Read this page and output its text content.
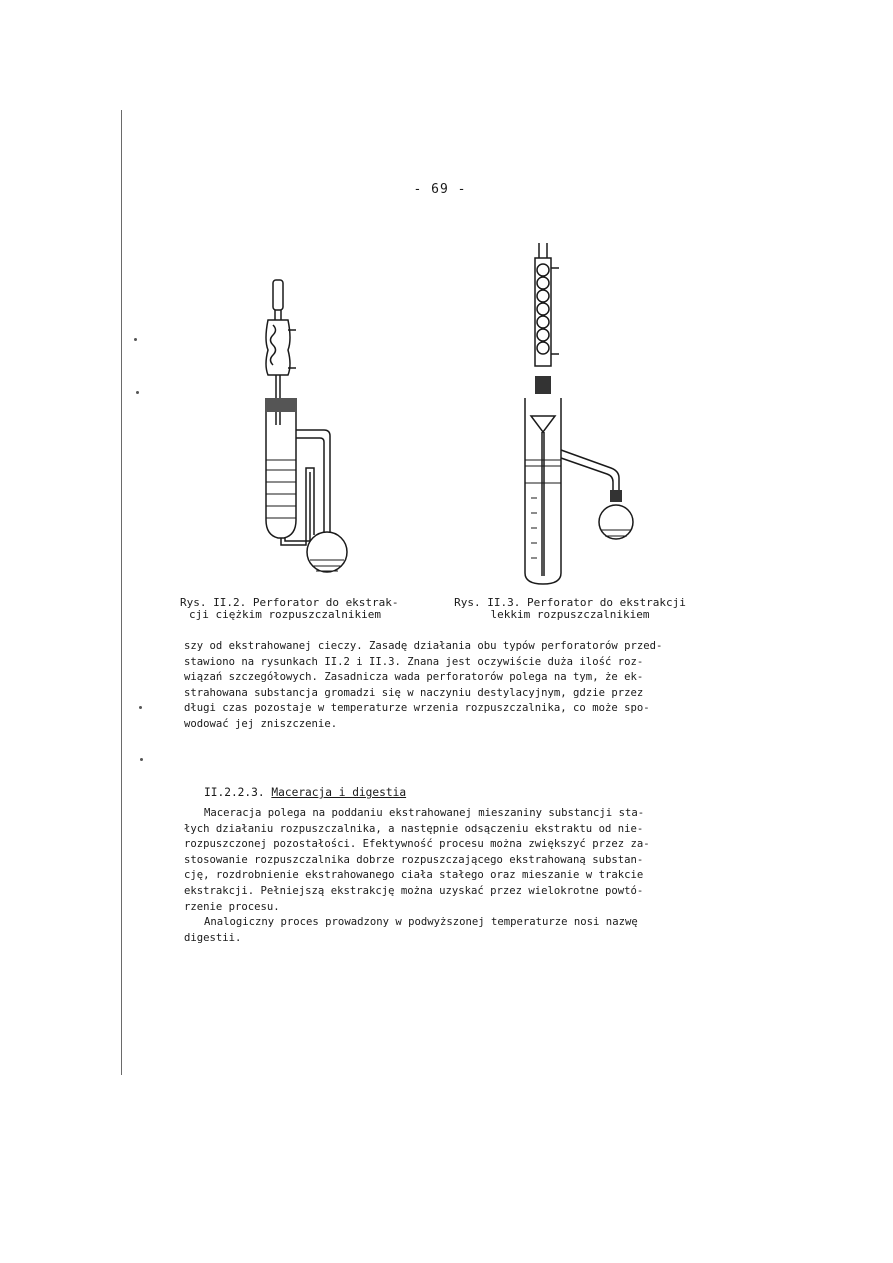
- 69 -
Rys. II.2. Perforator do ekstrak-
cji ciężkim rozpuszczalnikiem
Rys. II.3. Perforator do ekstrakcji
lekkim rozpuszczalnikiem
szy od ekstrahowanej cieczy. Zasadę działania obu typów perforatorów przed-
stawiono na rysunkach II.2 i II.3. Znana jest oczywiście duża ilość roz-
wiązań szczegółowych. Zasadnicza wada perforatorów polega na tym, że ek-
strahowana substancja gromadzi się w naczyniu destylacyjnym, gdzie przez
długi czas pozostaje w temperaturze wrzenia rozpuszczalnika, co może spo-
wodować jej zniszczenie.
II.2.2.3. Maceracja i digestia
Maceracja polega na poddaniu ekstrahowanej mieszaniny substancji sta-
łych działaniu rozpuszczalnika, a następnie odsączeniu ekstraktu od nie-
rozpuszczonej pozostałości. Efektywność procesu można zwiększyć przez za-
stosowanie rozpuszczalnika dobrze rozpuszczającego ekstrahowaną substan-
cję, rozdrobnienie ekstrahowanego ciała stałego oraz mieszanie w trakcie
ekstrakcji. Pełniejszą ekstrakcję można uzyskać przez wielokrotne powtó-
rzenie procesu.
Analogiczny proces prowadzony w podwyższonej temperaturze nosi nazwę
digestii.
